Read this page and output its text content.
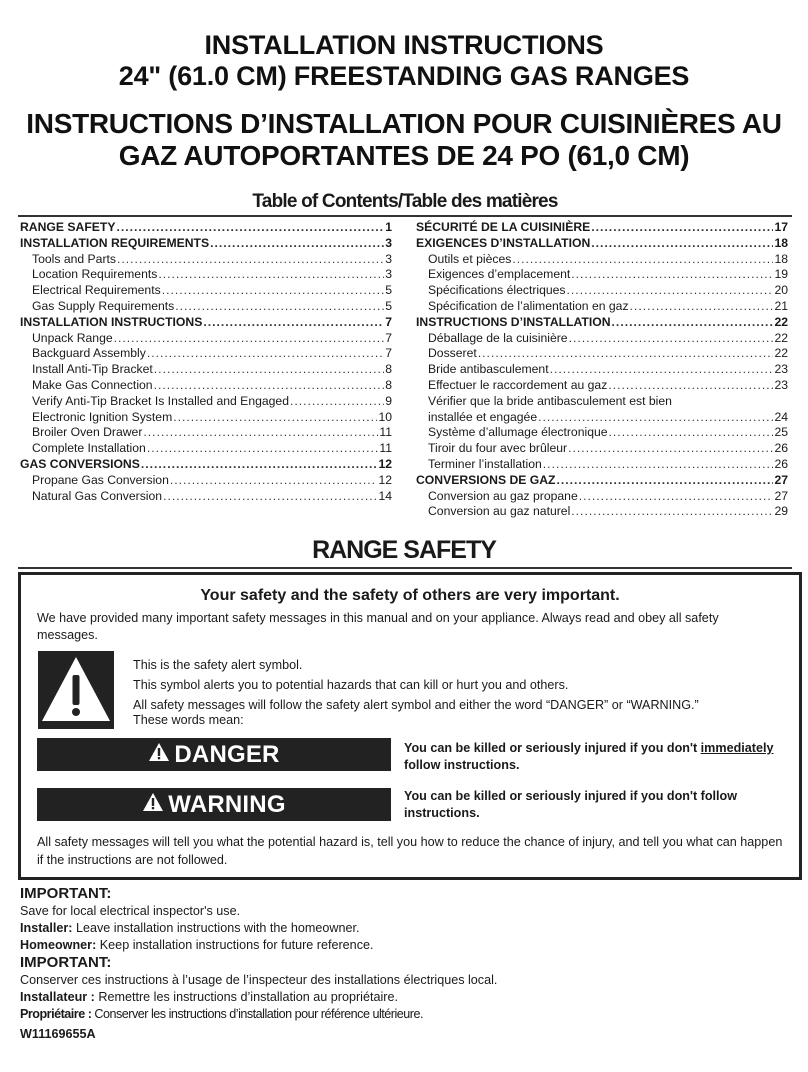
INSTALLATION INSTRUCTIONS
24" (61.0 CM) FREESTANDING GAS RANGES
INSTRUCTIONS D’INSTALLATION POUR CUISINIÈRES AU
GAZ AUTOPORTANTES DE 24 PO (61,0 CM)
Table of Contents/Table des matières
RANGE SAFETY .....	1
INSTALLATION REQUIREMENTS .....	3
Tools and Parts .....	3
Location Requirements .....	3
Electrical Requirements .....	5
Gas Supply Requirements .....	5
INSTALLATION INSTRUCTIONS .....	7
Unpack Range .....	7
Backguard Assembly .....	7
Install Anti-Tip Bracket .....	8
Make Gas Connection .....	8
Verify Anti-Tip Bracket Is Installed and Engaged .....	9
Electronic Ignition System .....	10
Broiler Oven Drawer .....	11
Complete Installation .....	11
GAS CONVERSIONS .....	12
Propane Gas Conversion .....	12
Natural Gas Conversion .....	14
SÉCURITÉ DE LA CUISINIÈRE .....	17
EXIGENCES D’INSTALLATION .....	18
Outils et pièces .....	18
Exigences d’emplacement .....	19
Spécifications électriques .....	20
Spécification de l’alimentation en gaz .....	21
INSTRUCTIONS D’INSTALLATION .....	22
Déballage de la cuisinière .....	22
Dosseret .....	22
Bride antibasculement .....	23
Effectuer le raccordement au gaz .....	23
Vérifier que la bride antibasculement est bien
installée et engagée .....	24
Système d’allumage électronique .....	25
Tiroir du four avec brûleur .....	26
Terminer l’installation .....	26
CONVERSIONS DE GAZ .....	27
Conversion au gaz propane .....	27
Conversion au gaz naturel .....	29
RANGE SAFETY
Your safety and the safety of others are very important.
We have provided many important safety messages in this manual and on your appliance. Always read and obey all safety messages.
This is the safety alert symbol.
This symbol alerts you to potential hazards that can kill or hurt you and others.
All safety messages will follow the safety alert symbol and either the word “DANGER” or “WARNING.”
These words mean:
DANGER	You can be killed or seriously injured if you don't immediately
follow instructions.
WARNING	You can be killed or seriously injured if you don't follow instructions.
All safety messages will tell you what the potential hazard is, tell you how to reduce the chance of injury, and tell you what can happen if the instructions are not followed.
IMPORTANT:
Save for local electrical inspector's use.
Installer: Leave installation instructions with the homeowner.
Homeowner: Keep installation instructions for future reference.
IMPORTANT:
Conserver ces instructions à l’usage de l’inspecteur des installations électriques local.
Installateur : Remettre les instructions d’installation au propriétaire.
Propriétaire : Conserver les instructions d’installation pour référence ultérieure.
W11169655A
